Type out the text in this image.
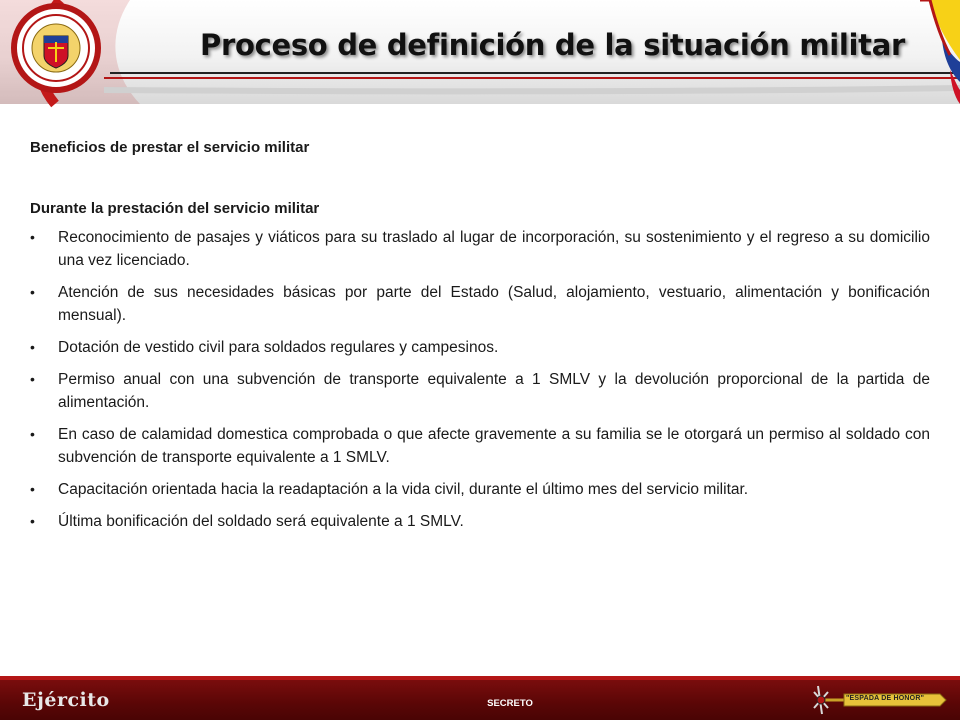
Proceso de definición de la situación militar

Beneficios de prestar el servicio militar

Durante la prestación del servicio militar

• Reconocimiento de pasajes y viáticos para su traslado al lugar de incorporación, su sostenimiento y el regreso a su domicilio una vez licenciado.
• Atención de sus necesidades básicas por parte del Estado (Salud, alojamiento, vestuario, alimentación y bonificación mensual).
• Dotación de vestido civil para soldados regulares y campesinos.
• Permiso anual con una subvención de transporte equivalente a 1 SMLV y la devolución proporcional de la partida de alimentación.
• En caso de calamidad domestica comprobada o que afecte gravemente a su familia se le otorgará un permiso al soldado con subvención de transporte equivalente a 1 SMLV.
• Capacitación orientada hacia la readaptación a la vida civil, durante el último mes del servicio militar.
• Última bonificación del soldado será equivalente a 1 SMLV.
Ejército	SECRETO	"ESPADA DE HONOR"
